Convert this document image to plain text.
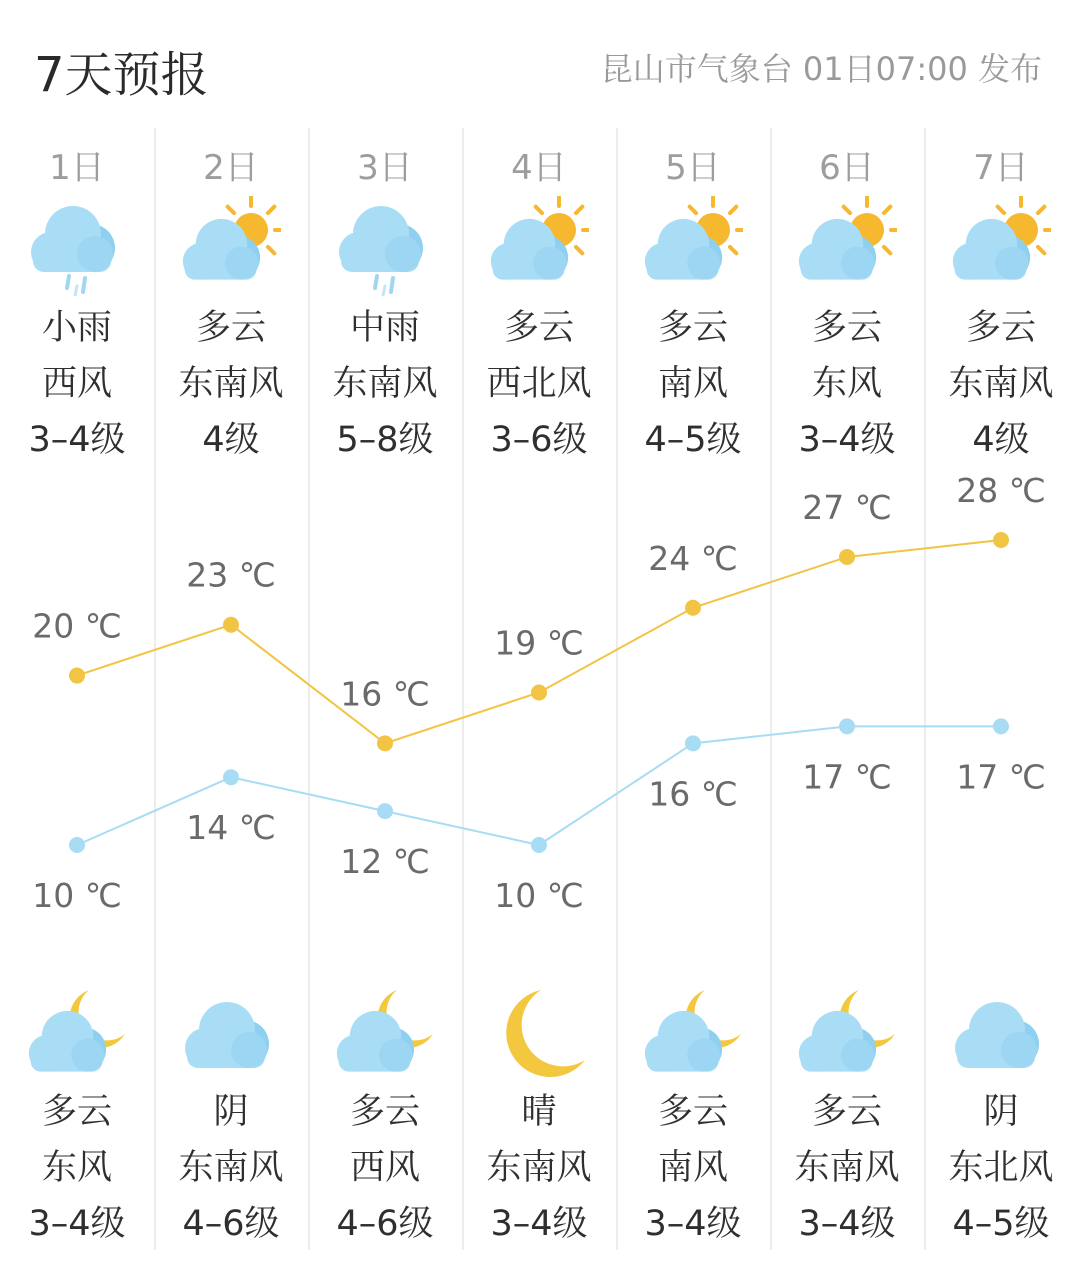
7天预报	昆山市气象台 01日07:00 发布
1日
小雨
西风
3–4级
多云
东风
3–4级
2日
多云
东南风
4级
阴
东南风
4–6级
3日
中雨
东南风
5–8级
多云
西风
4–6级
4日
多云
西北风
3–6级
晴
东南风
3–4级
5日
多云
南风
4–5级
多云
南风
3–4级
6日
多云
东风
3–4级
多云
东南风
3–4级
7日
多云
东南风
4级
阴
东北风
4–5级
20 ℃
23 ℃
16 ℃
19 ℃
24 ℃
27 ℃ 28 ℃
10 ℃
14 ℃
12 ℃
10 ℃
16 ℃ 17 ℃ 17 ℃
